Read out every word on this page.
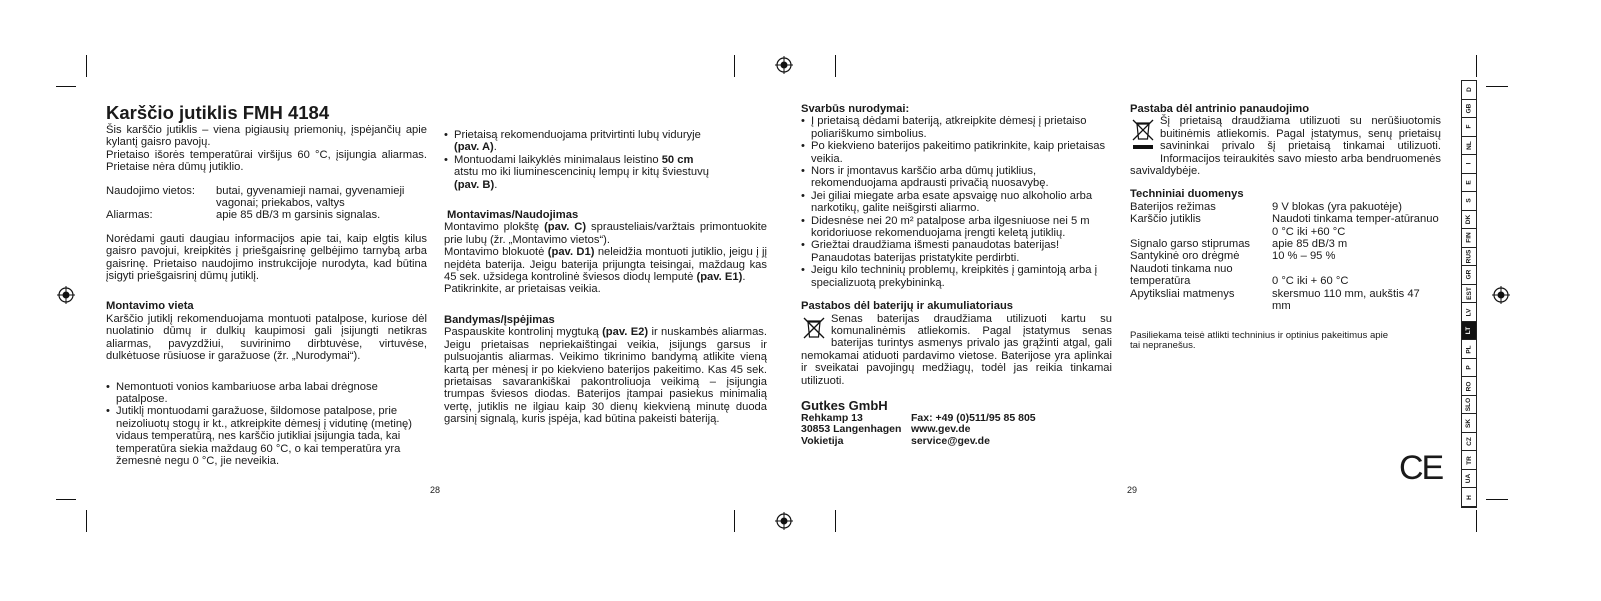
Karščio jutiklis FMH 4184

Šis karščio jutiklis – viena pigiausių priemonių, įspėjančių apie kylantį gaisro pavojų.

Prietaiso išorės temperatūrai viršijus 60 °C, įsijungia aliarmas. Prietaise nėra dūmų jutiklio.

Naudojimo vietos:	butai, gyvenamieji namai, gyvenamieji vagonai; priekabos, valtys
Aliarmas:	apie 85 dB/3 m garsinis signalas.

Norėdami gauti daugiau informacijos apie tai, kaip elgtis kilus gaisro pavojui, kreipkitės į priešgaisrinę gelbėjimo tarnybą arba gaisrinę. Prietaiso naudojimo instrukcijoje nurodyta, kad būtina įsigyti priešgaisrinį dūmų jutiklį.

Montavimo vieta

Karščio jutiklį rekomenduojama montuoti patalpose, kuriose dėl nuolatinio dūmų ir dulkių kaupimosi gali įsijungti netikras aliarmas, pavyzdžiui, suvirinimo dirbtuvėse, virtuvėse, dulkėtuose rūsiuose ir garažuose (žr. „Nurodymai“).

• Nemontuoti vonios kambariuose arba labai drėgnose patalpose.
• Jutiklį montuodami garažuose, šildomose patalpose, prie neizoliuotų stogų ir kt., atkreipkite dėmesį į vidutinę (metinę) vidaus temperatūrą, nes karščio jutikliai įsijungia tada, kai temperatūra siekia maždaug 60 °C, o kai temperatūra yra žemesnė negu 0 °C, jie neveikia.
28
• Prietaisą rekomenduojama pritvirtinti lubų viduryje
(pav. A).
• Montuodami laikyklės minimalaus leistino 50 cm
atstu mo iki liuminescencinių lempų ir kitų šviestuvų
(pav. B).

Montavimas/Naudojimas

Montavimo plokštę (pav. C) sprausteliais/varžtais primontuokite prie lubų (žr. „Montavimo vietos“).

Montavimo blokuotė (pav. D1) neleidžia montuoti jutiklio, jeigu į jį neįdėta baterija. Jeigu baterija prijungta teisingai, maždaug kas 45 sek. užsidega kontrolinė šviesos diodų lemputė (pav. E1).

Patikrinkite, ar prietaisas veikia.

Bandymas/Įspėjimas

Paspauskite kontrolinį mygtuką (pav. E2) ir nuskambės aliarmas. Jeigu prietaisas nepriekaištingai veikia, įsijungs garsus ir pulsuojantis aliarmas. Veikimo tikrinimo bandymą atlikite vieną kartą per mėnesį ir po kiekvieno baterijos pakeitimo. Kas 45 sek. prietaisas savarankiškai pakontroliuoja veikimą – įsijungia trumpas šviesos diodas. Baterijos įtampai pasiekus minimalią vertę, jutiklis ne ilgiau kaip 30 dienų kiekvieną minutę duoda garsinį signalą, kuris įspėja, kad būtina pakeisti bateriją.

Svarbūs nurodymai:

• Į prietaisą dėdami bateriją, atkreipkite dėmesį į prietaiso poliariškumo simbolius.
• Po kiekvieno baterijos pakeitimo patikrinkite, kaip prietaisas veikia.
• Nors ir įmontavus karščio arba dūmų jutiklius, rekomenduojama apdrausti privačią nuosavybę.
• Jei giliai miegate arba esate apsvaigę nuo alkoholio arba narkotikų, galite neišgirsti aliarmo.
• Didesnėse nei 20 m² patalpose arba ilgesniuose nei 5 m koridoriuose rekomenduojama įrengti keletą jutiklių.
• Griežtai draudžiama išmesti panaudotas baterijas! Panaudotas baterijas pristatykite perdirbti.
• Jeigu kilo techninių problemų, kreipkitės į gamintoją arba į specializuotą prekybininką.

Pastabos dėl baterijų ir akumuliatoriaus

Senas baterijas draudžiama utilizuoti kartu su komunalinėmis atliekomis. Pagal įstatymus senas baterijas turintys asmenys privalo jas grąžinti atgal, gali nemokamai atiduoti pardavimo vietose. Baterijose yra aplinkai ir sveikatai pavojingų medžiagų, todėl jas reikia tinkamai utilizuoti.

Gutkes GmbH

Rehkamp 13	Fax: +49 (0)511/95 85 805
30853 Langenhagen www.gev.de
Vokietija	service@gev.de

Pastaba dėl antrinio panaudojimo

Šį prietaisą draudžiama utilizuoti su nerūšiuotomis buitinėmis atliekomis. Pagal įstatymus, senų prietaisų savininkai privalo šį prietaisą tinkamai utilizuoti. Informacijos teiraukitės savo miesto arba bendruomenės savivaldybėje.

Techniniai duomenys

Baterijos režimas	9 V blokas (yra pakuotėje)
Karščio jutiklis	Naudoti tinkama temper-atūranuo 0 °C iki +60 °C
Signalo garso stiprumas	apie 85 dB/3 m
Santykinė oro drėgmė	10 % – 95 %
Naudoti tinkama nuo temperatūra	0 °C iki + 60 °C
Apytiksliai matmenys	skersmuo 110 mm, aukštis 47 mm

Pasiliekama teisė atlikti techninius ir optinius pakeitimus apie tai nepranešus.

29
CE
D
GB
F
NL
I
E
S
DK
FIN
RUS
GR
EST
LV
LT
PL
P
RO
SLO
SK
CZ
TR
UA
H
